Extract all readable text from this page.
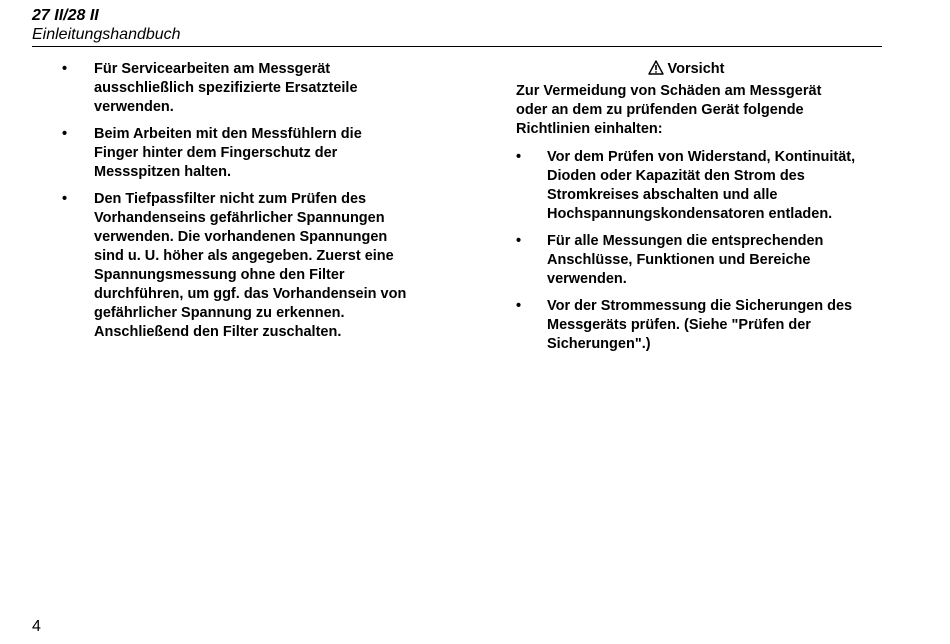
27 II/28 II
Einleitungshandbuch
•	Für Servicearbeiten am Messgerät ausschließlich spezifizierte Ersatzteile verwenden.
•	Beim Arbeiten mit den Messfühlern die Finger hinter dem Fingerschutz der Messspitzen halten.
•	Den Tiefpassfilter nicht zum Prüfen des Vorhandenseins gefährlicher Spannungen verwenden. Die vorhandenen Spannungen sind u. U. höher als angegeben. Zuerst eine Spannungsmessung ohne den Filter durchführen, um ggf. das Vorhandensein von gefährlicher Spannung zu erkennen. Anschließend den Filter zuschalten.
Vorsicht
Zur Vermeidung von Schäden am Messgerät oder an dem zu prüfenden Gerät folgende Richtlinien einhalten:
•	Vor dem Prüfen von Widerstand, Kontinuität, Dioden oder Kapazität den Strom des Stromkreises abschalten und alle Hochspannungskondensatoren entladen.
•	Für alle Messungen die entsprechenden Anschlüsse, Funktionen und Bereiche verwenden.
•	Vor der Strommessung die Sicherungen des Messgeräts prüfen. (Siehe "Prüfen der Sicherungen".)
4
